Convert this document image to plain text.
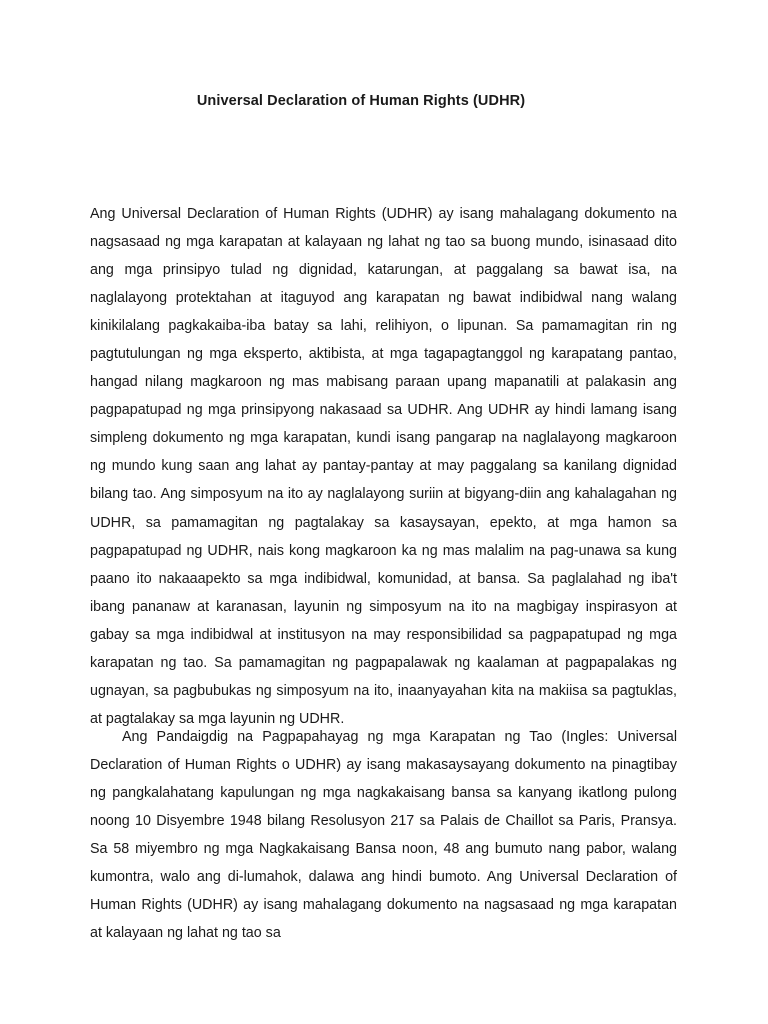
Universal Declaration of Human Rights (UDHR)

Ang Universal Declaration of Human Rights (UDHR) ay isang mahalagang dokumento na nagsasaad ng mga karapatan at kalayaan ng lahat ng tao sa buong mundo, isinasaad dito ang mga prinsipyo tulad ng dignidad, katarungan, at paggalang sa bawat isa, na naglalayong protektahan at itaguyod ang karapatan ng bawat indibidwal nang walang kinikilalang pagkakaiba-iba batay sa lahi, relihiyon, o lipunan. Sa pamamagitan rin ng pagtutulungan ng mga eksperto, aktibista, at mga tagapagtanggol ng karapatang pantao, hangad nilang magkaroon ng mas mabisang paraan upang mapanatili at palakasin ang pagpapatupad ng mga prinsipyong nakasaad sa UDHR. Ang UDHR ay hindi lamang isang simpleng dokumento ng mga karapatan, kundi isang pangarap na naglalayong magkaroon ng mundo kung saan ang lahat ay pantay-pantay at may paggalang sa kanilang dignidad bilang tao. Ang simposyum na ito ay naglalayong suriin at bigyang-diin ang kahalagahan ng UDHR, sa pamamagitan ng pagtalakay sa kasaysayan, epekto, at mga hamon sa pagpapatupad ng UDHR, nais kong magkaroon ka ng mas malalim na pag-unawa sa kung paano ito nakaaapekto sa mga indibidwal, komunidad, at bansa. Sa paglalahad ng iba't ibang pananaw at karanasan, layunin ng simposyum na ito na magbigay inspirasyon at gabay sa mga indibidwal at institusyon na may responsibilidad sa pagpapatupad ng mga karapatan ng tao. Sa pamamagitan ng pagpapalawak ng kaalaman at pagpapalakas ng ugnayan, sa pagbubukas ng simposyum na ito, inaanyayahan kita na makiisa sa pagtuklas, at pagtalakay sa mga layunin ng UDHR.

Ang Pandaigdig na Pagpapahayag ng mga Karapatan ng Tao (Ingles: Universal Declaration of Human Rights o UDHR) ay isang makasaysayang dokumento na pinagtibay ng pangkalahatang kapulungan ng mga nagkakaisang bansa sa kanyang ikatlong pulong noong 10 Disyembre 1948 bilang Resolusyon 217 sa Palais de Chaillot sa Paris, Pransya. Sa 58 miyembro ng mga Nagkakaisang Bansa noon, 48 ang bumuto nang pabor, walang kumontra, walo ang di-lumahok, dalawa ang hindi bumoto. Ang Universal Declaration of Human Rights (UDHR) ay isang mahalagang dokumento na nagsasaad ng mga karapatan at kalayaan ng lahat ng tao sa
